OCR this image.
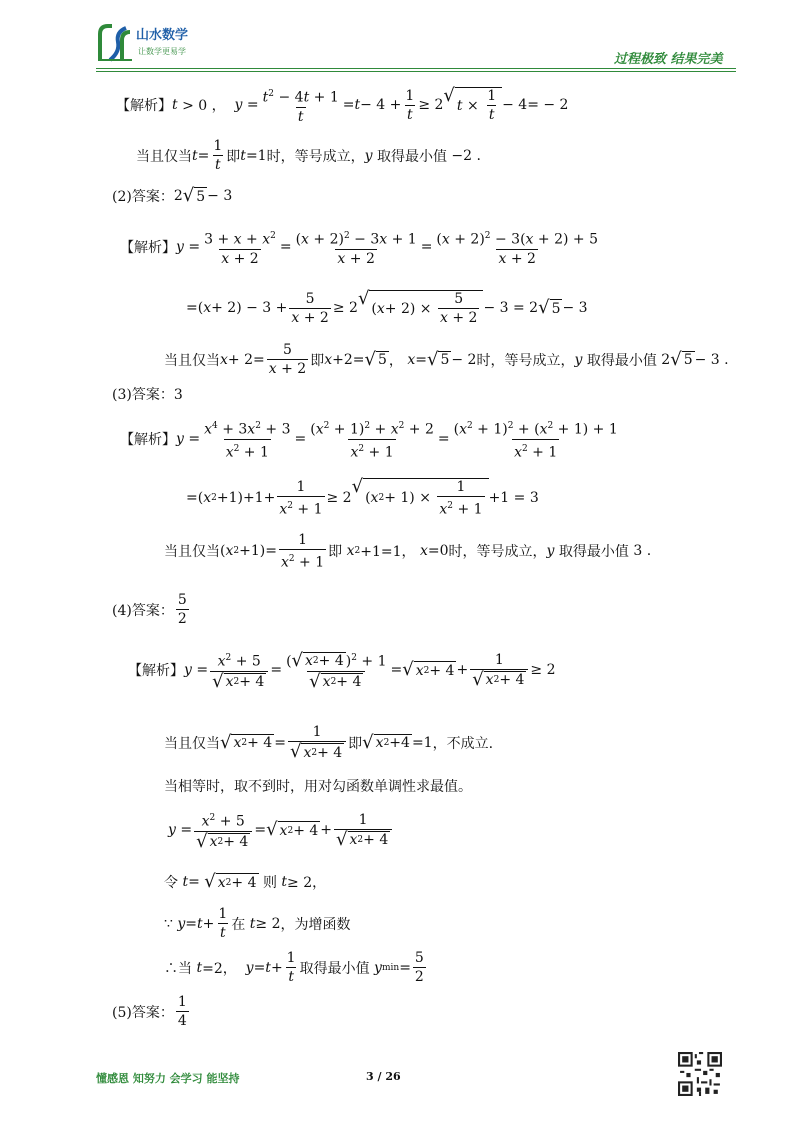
山水数学
让数学更易学
过程极致 结果完美
【解析】 t > 0 ， $y = \frac{t^2 - 4t + 1}{t} = t - 4 + \frac{1}{t} \ge 2$ √ $t \times \frac{1}{t} - 4= - 2$
当且仅当 $t = \frac{1}{t}$ 即 t =1 时，等号成立， y
取得最小值 −2 .
(2)答案： 2 √ 5 − 3
【解析】 $y = \frac{3 + x + x^2}{x + 2} = \frac{(x + 2)^2 - 3x + 1}{x + 2} = \frac{(x + 2)^2 - 3(x + 2) + 5}{x + 2}$
=( $x + 2) - 3 + \frac{5}{x + 2} \ge 2$ √ ( $x + 2) \times \frac{5}{x + 2} - 3 = 2$ √ 5 − 3
当且仅当 $x + 2= \frac{5}{x + 2}$ 即 x +2= √ 5 ， x = √ 5 − 2 时，等号成立， y
取得最小值 2 √ 5 − 3 .
(3)答案：3
【解析】 $y = \frac{x^4 + 3x^2 + 3}{x^2 + 1} = \frac{(x^2 + 1)^2 + x^2 + 2}{x^2 + 1} = \frac{(x^2 + 1)^2 + (x^2 + 1) + 1}{x^2 + 1}$
=( x $2 +1)+1+ \frac{1}{x^2 + 1} \ge 2$
√
( x $2 + 1) \times \frac{1}{x^2 + 1} +1 = 3$
当且仅当 ( x $2 +1)= \frac{1}{x^2 + 1}$ 即
x 2 +1=1， x =0 时，等号成立， y
取得最小值 3 .
(4)答案： $\frac{5}{2}$
【解析】 $y = \frac{x^2 + 5}{√ x 2 + 4} = \frac{( √ x 2 + 4 )^2 + 1}{√ x 2 + 4}$ = √ x $2 + 4 + \frac{1}{√ x 2 + 4} \ge 2$
当且仅当 √ x $2 + 4 = \frac{1}{√ x 2 + 4}$ 即 √ x 2 +4 =1 ，不成立.
当相等时，取不到时，用对勾函数单调性求最值。
$y = \frac{x^2 + 5}{√ x 2 + 4}$ = √ x $2 + 4 + \frac{1}{√ x 2 + 4}$
令
t = √ x 2 + 4
则
t ≥ 2，
∵
$y = t + \frac{1}{t}$ 在
t ≥ 2 ，为增函数
∴当
t =2， $y = t + \frac{1}{t}$ 取得最小值
y $\min = \frac{5}{2}$
(5)答案： $\frac{1}{4}$
懂感恩 知努力 会学习 能坚持	3 / 26
